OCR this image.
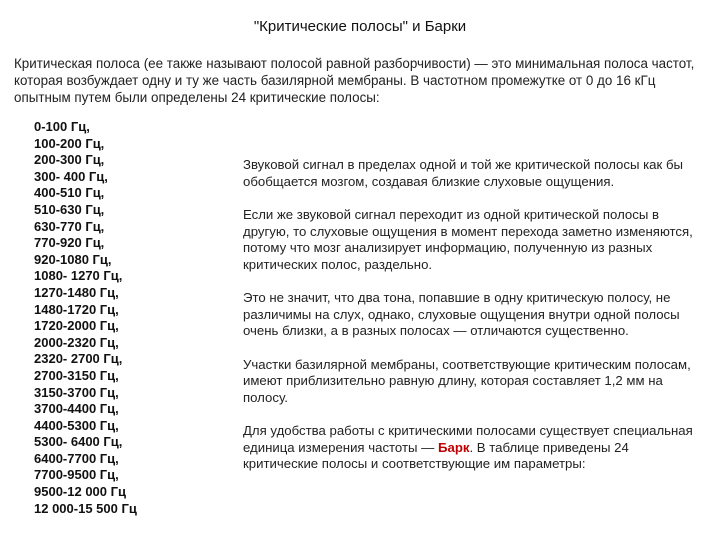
"Критические полосы" и Барки
Критическая полоса (ее также называют полосой равной разборчивости) — это минимальная полоса частот, которая возбуждает одну и ту же часть базилярной мембраны. В частотном промежутке от 0 до 16 кГц опытным путем были определены 24 критические полосы:
0-100 Гц,
100-200 Гц,
200-300 Гц,
300- 400 Гц,
400-510 Гц,
510-630 Гц,
630-770 Гц,
770-920 Гц,
920-1080 Гц,
1080- 1270 Гц,
1270-1480 Гц,
1480-1720 Гц,
1720-2000 Гц,
2000-2320 Гц,
2320- 2700 Гц,
2700-3150 Гц,
3150-3700 Гц,
3700-4400 Гц,
4400-5300 Гц,
5300- 6400 Гц,
6400-7700 Гц,
7700-9500 Гц,
9500-12 000 Гц
12 000-15 500 Гц

Звуковой сигнал в пределах одной и той же критической полосы как бы обобщается мозгом, создавая близкие слуховые ощущения.

Если же звуковой сигнал переходит из одной критической полосы в другую, то слуховые ощущения в момент перехода заметно изменяются, потому что мозг анализирует информацию, полученную из разных критических полос, раздельно.

Это не значит, что два тона, попавшие в одну критическую полосу, не различимы на слух, однако, слуховые ощущения внутри одной полосы очень близки, а в разных полосах — отличаются существенно.

Участки базилярной мембраны, соответствующие критическим полосам, имеют приблизительно равную длину, которая составляет 1,2 мм на полосу.

Для удобства работы с критическими полосами существует специальная единица измерения частоты — Барк. В таблице приведены 24 критические полосы и соответствующие им параметры:
